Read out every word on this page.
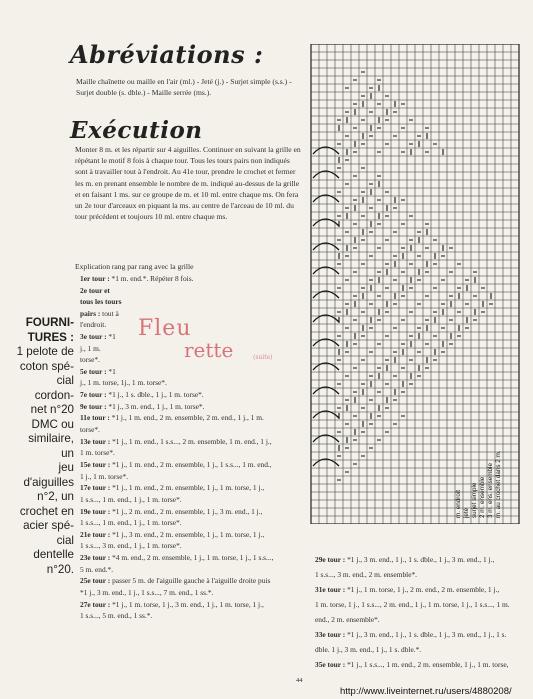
Abréviations :
Maille chaînette ou maille en l'air (ml.) - Jeté (j.) - Surjet simple (s.s.) - Surjet double (s. dble.) - Maille serrée (ms.).
Exécution
Monter 8 m. et les répartir sur 4 aiguilles. Continuer en suivant la grille en répétant le motif 8 fois à chaque tour. Tous les tours pairs non indiqués sont à travailler tout à l'endroit. Au 41e tour, prendre le crochet et fermer les m. en prenant ensemble le nombre de m. indiqué au-dessus de la grille et en faisant 1 ms. sur ce groupe de m. et 10 ml. entre chaque ms. On fera un 2e tour d'arceaux en piquant la ms. au centre de l'arceau de 10 ml. du tour précédent et toujours 10 ml. entre chaque ms.
Explication rang par rang avec la grille
1er tour : *1 m. end.*. Répéter 8 fois.
2e tour et
tous les tours
pairs : tout à
l'endroit.
3e tour : *1
j., 1 m.
torse*.
5e tour : *1
j., 1 m. torse, 1j., 1 m. torse*.
7e tour : *1 j., 1 s. dble., 1 j., 1 m. torse*.
9e tour : *1 j., 3 m. end., 1 j., 1 m. torse*.
11e tour : *1 j., 1 m. end., 2 m. ensemble, 2 m. end., 1 j., 1 m.
torse*.
13e tour : *1 j., 1 m. end., 1 s.s..., 2 m. ensemble, 1 m. end., 1 j.,
1 m. torse*.
15e tour : *1 j., 1 m. end., 2 m. ensemble, 1 j., 1 s.s..., 1 m. end.,
1 j., 1 m. torse*.
17e tour : *1 j., 1 m. end., 2 m. ensemble, 1 j., 1 m. torse, 1 j.,
1 s.s..., 1 m. end., 1 j., 1 m. torse*.
19e tour : *1 j., 2 m. end., 2 m. ensemble, 1 j., 3 m. end., 1 j.,
1 s.s..., 1 m. end., 1 j., 1 m. torse*.
21e tour : *1 j., 3 m. end., 2 m. ensemble, 1 j., 1 m. torse, 1 j.,
1 s.s..., 3 m. end., 1 j., 1 m. torse*.
23e tour : *4 m. end., 2 m. ensemble, 1 j., 1 m. torse, 1 j., 1 s.s...,
5 m. end.*.
25e tour : passer 5 m. de l'aiguille gauche à l'aiguille droite puis
*1 j., 3 m. end., 1 j., 1 s.s..., 7 m. end., 1 ss.*.
27e tour : *1 j., 1 m. torse, 1 j., 3 m. end., 1 j., 1 m. torse, 1 j.,
1 s.s..., 5 m. end., 1 ss.*.
29e tour : *1 j., 3 m. end., 1 j., 1 s. dble., 1 j., 3 m. end., 1 j.,
1 s.s..., 3 m. end., 2 m. ensemble*.
31e tour : *1 j., 1 m. torse, 1 j., 2 m. end., 2 m. ensemble, 1 j.,
1 m. torse, 1 j., 1 s.s..., 2 m. end., 1 j., 1 m. torse, 1 j., 1 s.s..., 1 m.
end., 2 m. ensemble*.
33e tour : *1 j., 3 m. end., 1 j., 1 s. dble., 1 j., 3 m. end., 1 j., 1 s.
dble. 1 j., 3 m. end., 1 j., 1 s. dble.*.
35e tour : *1 j., 1 s.s..., 1 m. end., 2 m. ensemble, 1 j., 1 m. torse,
FOURNI-TURES :
1 pelote de
coton spé-
cial cordon-
net n°20
DMC ou
similaire, un
jeu
d'aiguilles
n°2, un
crochet en
acier spé-
cial dentelle
n°20.
Fleu
rette	(suite)
m. endroit jeté surjet simple 2 m. ensemble 3 m. ens. ensemble m. au crochet dans 2 m.
44
http://www.liveinternet.ru/users/4880208/
